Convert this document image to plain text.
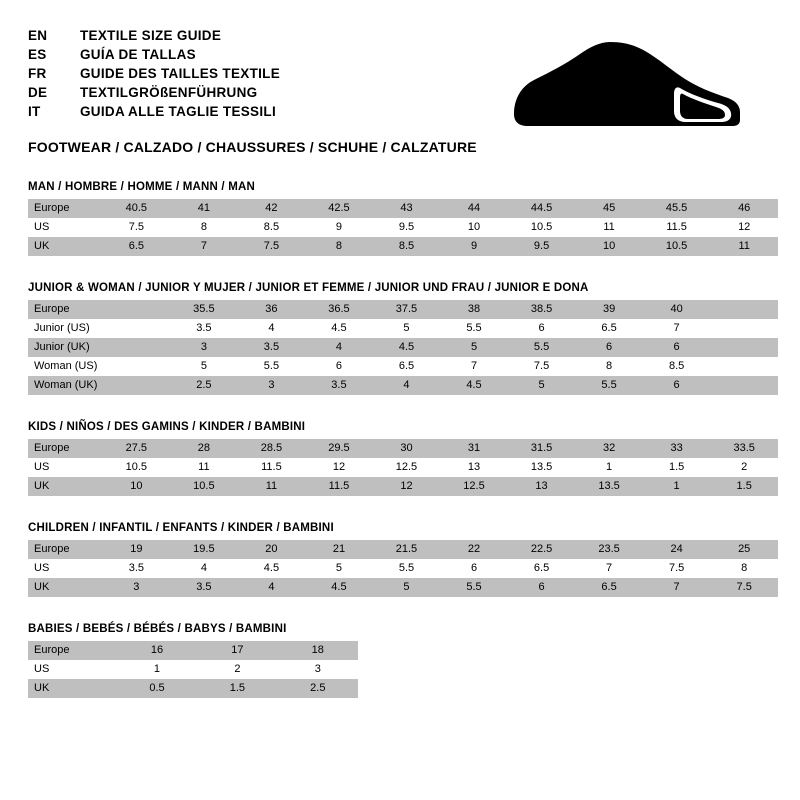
EN	TEXTILE SIZE GUIDE
ES	GUÍA DE TALLAS
FR	GUIDE DES TAILLES TEXTILE
DE	TEXTILGRÖßENFÜHRUNG
IT	GUIDA ALLE TAGLIE TESSILI
FOOTWEAR / CALZADO / CHAUSSURES / SCHUHE / CALZATURE
MAN / HOMBRE / HOMME / MANN / MAN
Europe	40.5	41	42	42.5	43	44	44.5	45	45.5	46
US	7.5	8	8.5	9	9.5	10	10.5	11	11.5	12
UK	6.5	7	7.5	8	8.5	9	9.5	10	10.5	11
JUNIOR & WOMAN / JUNIOR Y MUJER / JUNIOR ET FEMME / JUNIOR UND FRAU / JUNIOR E DONA
Europe		35.5	36	36.5	37.5	38	38.5	39	40	
Junior (US)		3.5	4	4.5	5	5.5	6	6.5	7	
Junior (UK)		3	3.5	4	4.5	5	5.5	6	6	
Woman (US)		5	5.5	6	6.5	7	7.5	8	8.5	
Woman (UK)		2.5	3	3.5	4	4.5	5	5.5	6	
KIDS / NIÑOS / DES GAMINS / KINDER / BAMBINI
Europe	27.5	28	28.5	29.5	30	31	31.5	32	33	33.5
US	10.5	11	11.5	12	12.5	13	13.5	1	1.5	2
UK	10	10.5	11	11.5	12	12.5	13	13.5	1	1.5
CHILDREN / INFANTIL / ENFANTS / KINDER / BAMBINI
Europe	19	19.5	20	21	21.5	22	22.5	23.5	24	25
US	3.5	4	4.5	5	5.5	6	6.5	7	7.5	8
UK	3	3.5	4	4.5	5	5.5	6	6.5	7	7.5
BABIES / BEBÉS / BÉBÉS / BABYS / BAMBINI
Europe	16	17	18
US	1	2	3
UK	0.5	1.5	2.5
